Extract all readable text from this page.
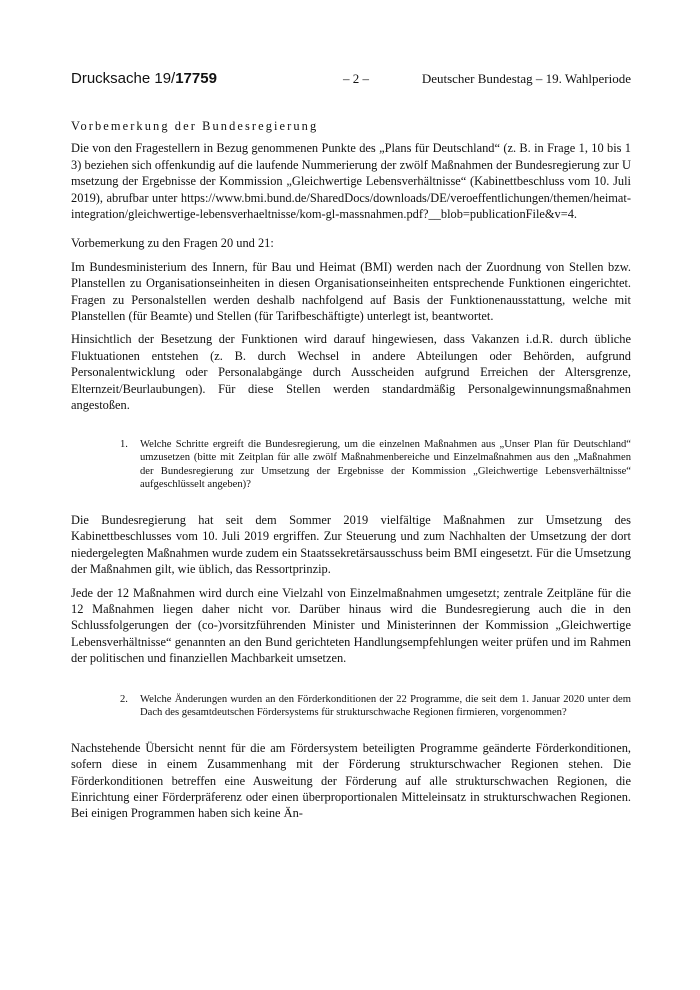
Drucksache 19/17759	– 2 –	Deutscher Bundestag – 19. Wahlperiode
Vorbemerkung der Bundesregierung

Die von den Fragestellern in Bezug genommenen Punkte des „Plans für Deutschland“ (z. B. in Frage 1, 10 bis 13) beziehen sich offenkundig auf die laufende Nummerierung der zwölf Maßnahmen der Bundesregierung zur Umsetzung der Ergebnisse der Kommission „Gleichwertige Lebensverhältnisse“ (Kabinettbeschluss vom 10. Juli 2019), abrufbar unter https://www.bmi.bund.de/SharedDocs/downloads/DE/veroeffentlichungen/themen/heimat-integration/gleichwertige-lebensverhaeltnisse/kom-gl-massnahmen.pdf?__blob=publicationFile&v=4.

Vorbemerkung zu den Fragen 20 und 21:

Im Bundesministerium des Innern, für Bau und Heimat (BMI) werden nach der Zuordnung von Stellen bzw. Planstellen zu Organisationseinheiten in diesen Organisationseinheiten entsprechende Funktionen eingerichtet. Fragen zu Personalstellen werden deshalb nachfolgend auf Basis der Funktionenausstattung, welche mit Planstellen (für Beamte) und Stellen (für Tarifbeschäftigte) unterlegt ist, beantwortet.

Hinsichtlich der Besetzung der Funktionen wird darauf hingewiesen, dass Vakanzen i.d.R. durch übliche Fluktuationen entstehen (z. B. durch Wechsel in andere Abteilungen oder Behörden, aufgrund Personalentwicklung oder Personalabgänge durch Ausscheiden aufgrund Erreichen der Altersgrenze, Elternzeit/Beurlaubungen). Für diese Stellen werden standardmäßig Personalgewinnungsmaßnahmen angestoßen.

1.	Welche Schritte ergreift die Bundesregierung, um die einzelnen Maßnahmen aus „Unser Plan für Deutschland“ umzusetzen (bitte mit Zeitplan für alle zwölf Maßnahmenbereiche und Einzelmaßnahmen aus den „Maßnahmen der Bundesregierung zur Umsetzung der Ergebnisse der Kommission „Gleichwertige Lebensverhältnisse“ aufgeschlüsselt angeben)?

Die Bundesregierung hat seit dem Sommer 2019 vielfältige Maßnahmen zur Umsetzung des Kabinettbeschlusses vom 10. Juli 2019 ergriffen. Zur Steuerung und zum Nachhalten der Umsetzung der dort niedergelegten Maßnahmen wurde zudem ein Staatssekretärsausschuss beim BMI eingesetzt. Für die Umsetzung der Maßnahmen gilt, wie üblich, das Ressortprinzip.

Jede der 12 Maßnahmen wird durch eine Vielzahl von Einzelmaßnahmen umgesetzt; zentrale Zeitpläne für die 12 Maßnahmen liegen daher nicht vor. Darüber hinaus wird die Bundesregierung auch die in den Schlussfolgerungen der (co-)vorsitzführenden Minister und Ministerinnen der Kommission „Gleichwertige Lebensverhältnisse“ genannten an den Bund gerichteten Handlungsempfehlungen weiter prüfen und im Rahmen der politischen und finanziellen Machbarkeit umsetzen.

2.	Welche Änderungen wurden an den Förderkonditionen der 22 Programme, die seit dem 1. Januar 2020 unter dem Dach des gesamtdeutschen Fördersystems für strukturschwache Regionen firmieren, vorgenommen?

Nachstehende Übersicht nennt für die am Fördersystem beteiligten Programme geänderte Förderkonditionen, sofern diese in einem Zusammenhang mit der Förderung strukturschwacher Regionen stehen. Die Förderkonditionen betreffen eine Ausweitung der Förderung auf alle strukturschwachen Regionen, die Einrichtung einer Förderpräferenz oder einen überproportionalen Mitteleinsatz in strukturschwachen Regionen. Bei einigen Programmen haben sich keine Än-
